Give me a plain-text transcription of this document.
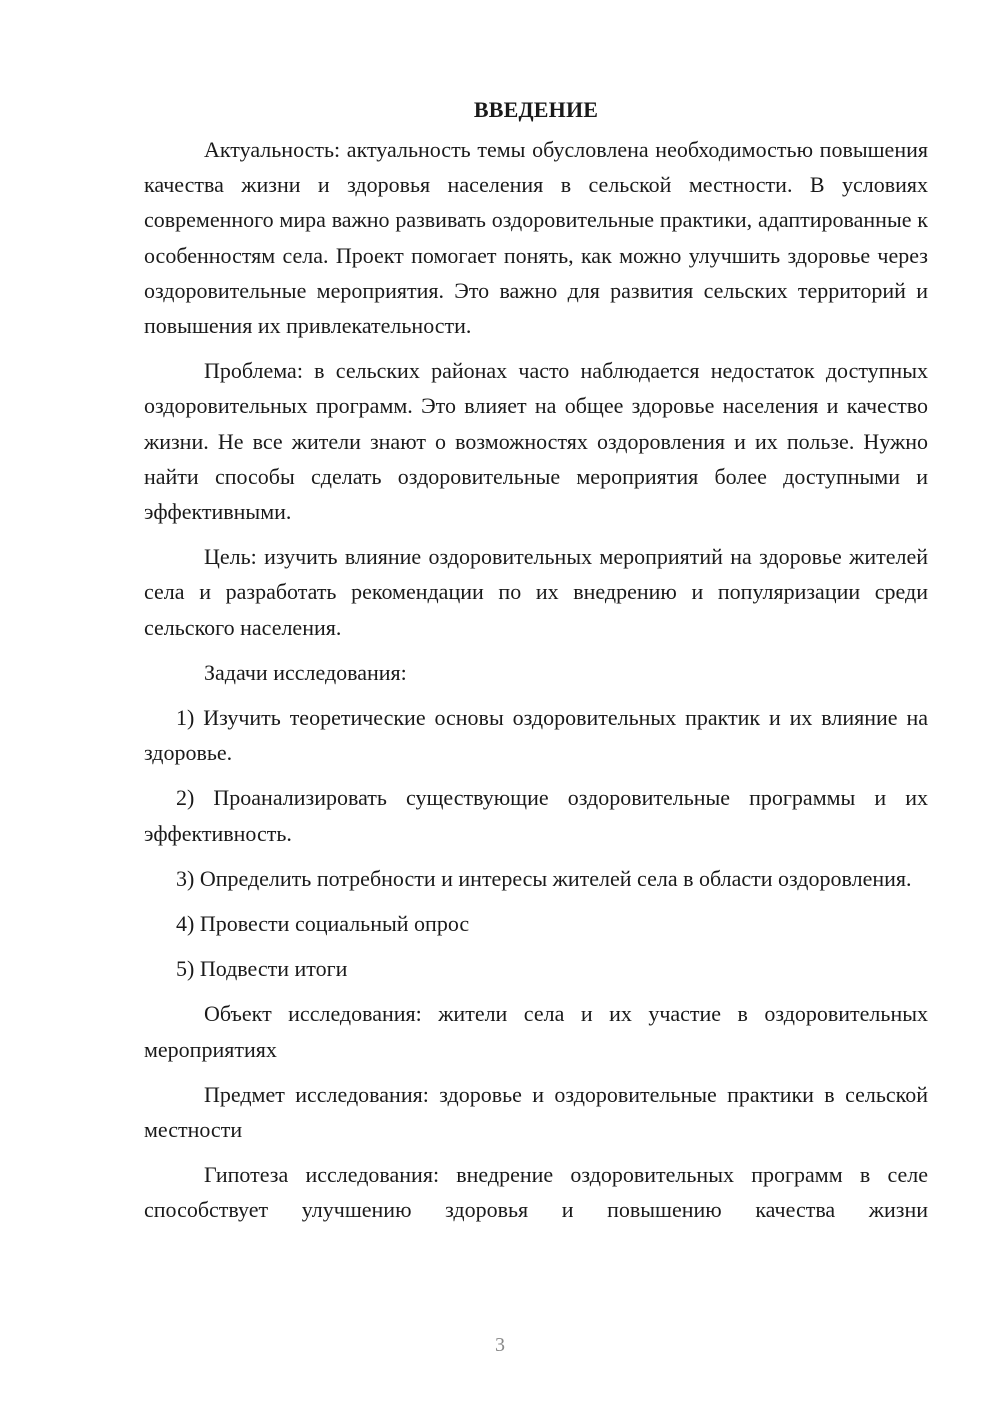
ВВЕДЕНИЕ

Актуальность: актуальность темы обусловлена необходимостью повышения качества жизни и здоровья населения в сельской местности. В условиях современного мира важно развивать оздоровительные практики, адаптированные к особенностям села. Проект помогает понять, как можно улучшить здоровье через оздоровительные мероприятия. Это важно для развития сельских территорий и повышения их привлекательности.

Проблема: в сельских районах часто наблюдается недостаток доступных оздоровительных программ. Это влияет на общее здоровье населения и качество жизни. Не все жители знают о возможностях оздоровления и их пользе. Нужно найти способы сделать оздоровительные мероприятия более доступными и эффективными.

Цель: изучить влияние оздоровительных мероприятий на здоровье жителей села и разработать рекомендации по их внедрению и популяризации среди сельского населения.

Задачи исследования:

1) Изучить теоретические основы оздоровительных практик и их влияние на здоровье.

2) Проанализировать существующие оздоровительные программы и их эффективность.

3) Определить потребности и интересы жителей села в области оздоровления.

4) Провести социальный опрос

5) Подвести итоги

Объект исследования: жители села и их участие в оздоровительных мероприятиях

Предмет исследования: здоровье и оздоровительные практики в сельской местности

Гипотеза исследования: внедрение оздоровительных программ в селе способствует улучшению здоровья и повышению качества жизни

3
